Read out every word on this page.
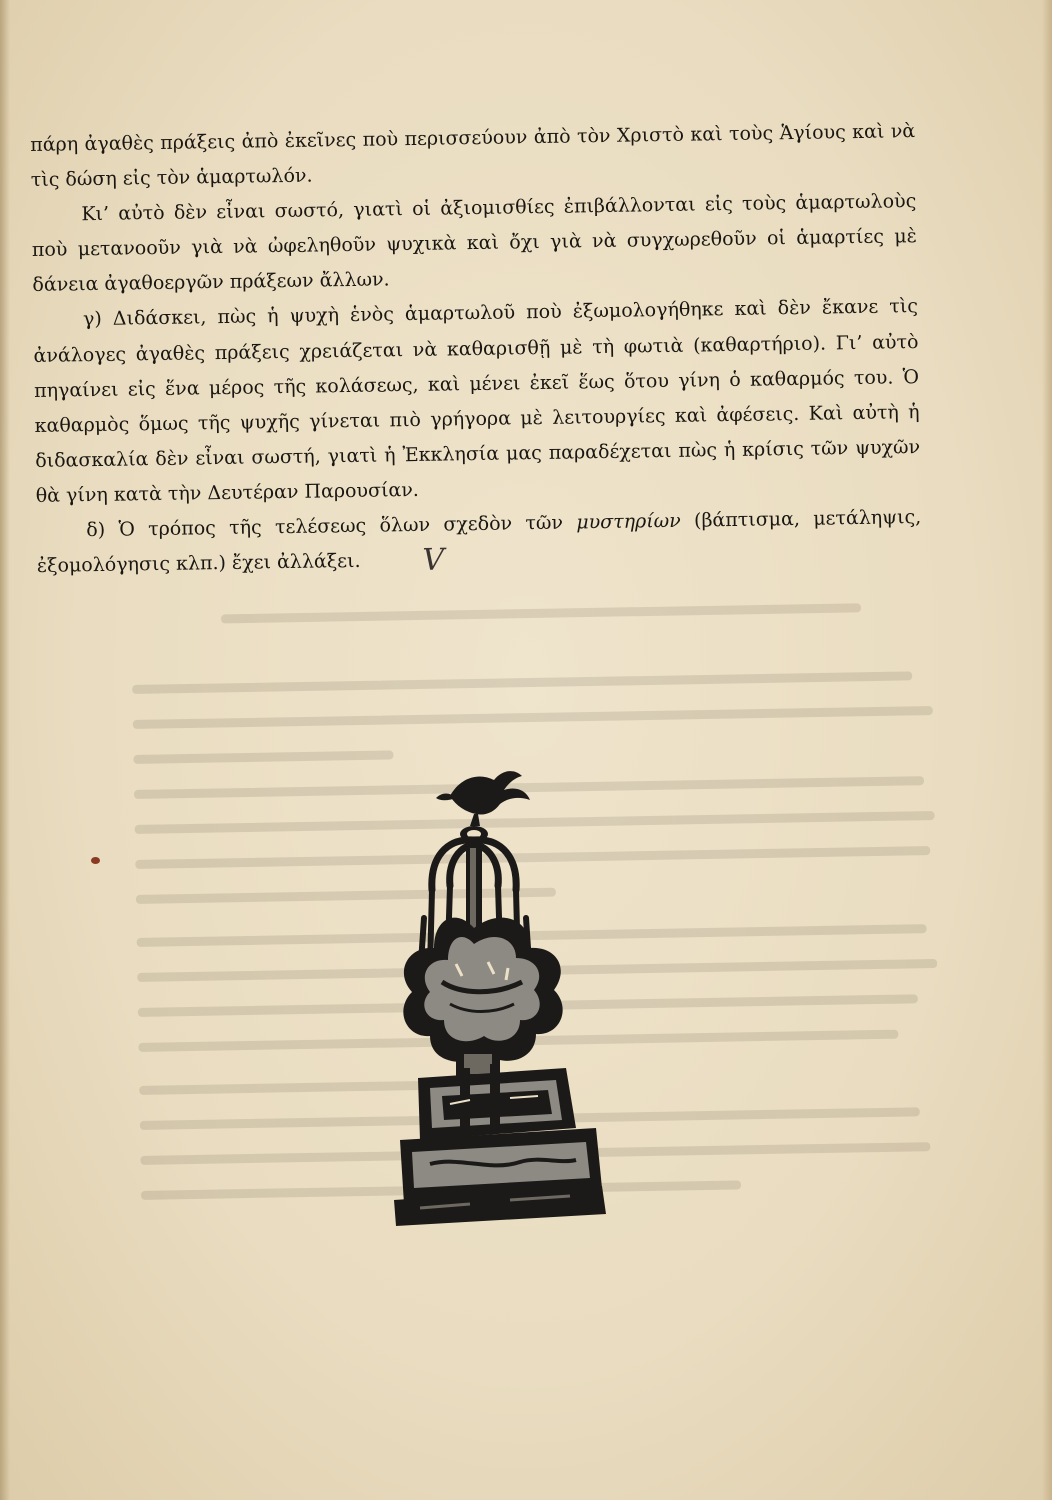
πάρη ἀγαθὲς πράξεις ἀπὸ ἐκεῖνες ποὺ περισσεύουν ἀπὸ τὸν Χριστὸ καὶ τοὺς Ἁγίους καὶ νὰ τὶς δώση εἰς τὸν ἁμαρτωλόν.

Κι’ αὐτὸ δὲν εἶναι σωστό, γιατὶ οἱ ἀξιομισθίες ἐπιβάλλονται εἰς τοὺς ἁμαρτωλοὺς ποὺ μετανοοῦν γιὰ νὰ ὠφεληθοῦν ψυχικὰ καὶ ὄχι γιὰ νὰ συγχωρεθοῦν οἱ ἁμαρτίες μὲ δάνεια ἀγαθοεργῶν πράξεων ἄλλων.

γ) Διδάσκει, πὼς ἡ ψυχὴ ἑνὸς ἁμαρτωλοῦ ποὺ ἐξωμολογήθηκε καὶ δὲν ἔκανε τὶς ἀνάλογες ἀγαθὲς πράξεις χρειάζεται νὰ καθαρισθῇ μὲ τὴ φωτιὰ (καθαρτήριο). Γι’ αὐτὸ πηγαίνει εἰς ἕνα μέρος τῆς κολάσεως, καὶ μένει ἐκεῖ ἕως ὅτου γίνη ὁ καθαρμός του. Ὁ καθαρμὸς ὅμως τῆς ψυχῆς γίνεται πιὸ γρήγορα μὲ λειτουργίες καὶ ἀφέσεις. Καὶ αὐτὴ ἡ διδασκαλία δὲν εἶναι σωστή, γιατὶ ἡ Ἐκκλησία μας παραδέχεται πὼς ἡ κρίσις τῶν ψυχῶν θὰ γίνη κατὰ τὴν Δευτέραν Παρουσίαν.

δ) Ὁ τρόπος τῆς τελέσεως ὅλων σχεδὸν τῶν μυστηρίων (βάπτισμα, μετάληψις, ἐξομολόγησις κλπ.) ἔχει ἀλλάξει. V
